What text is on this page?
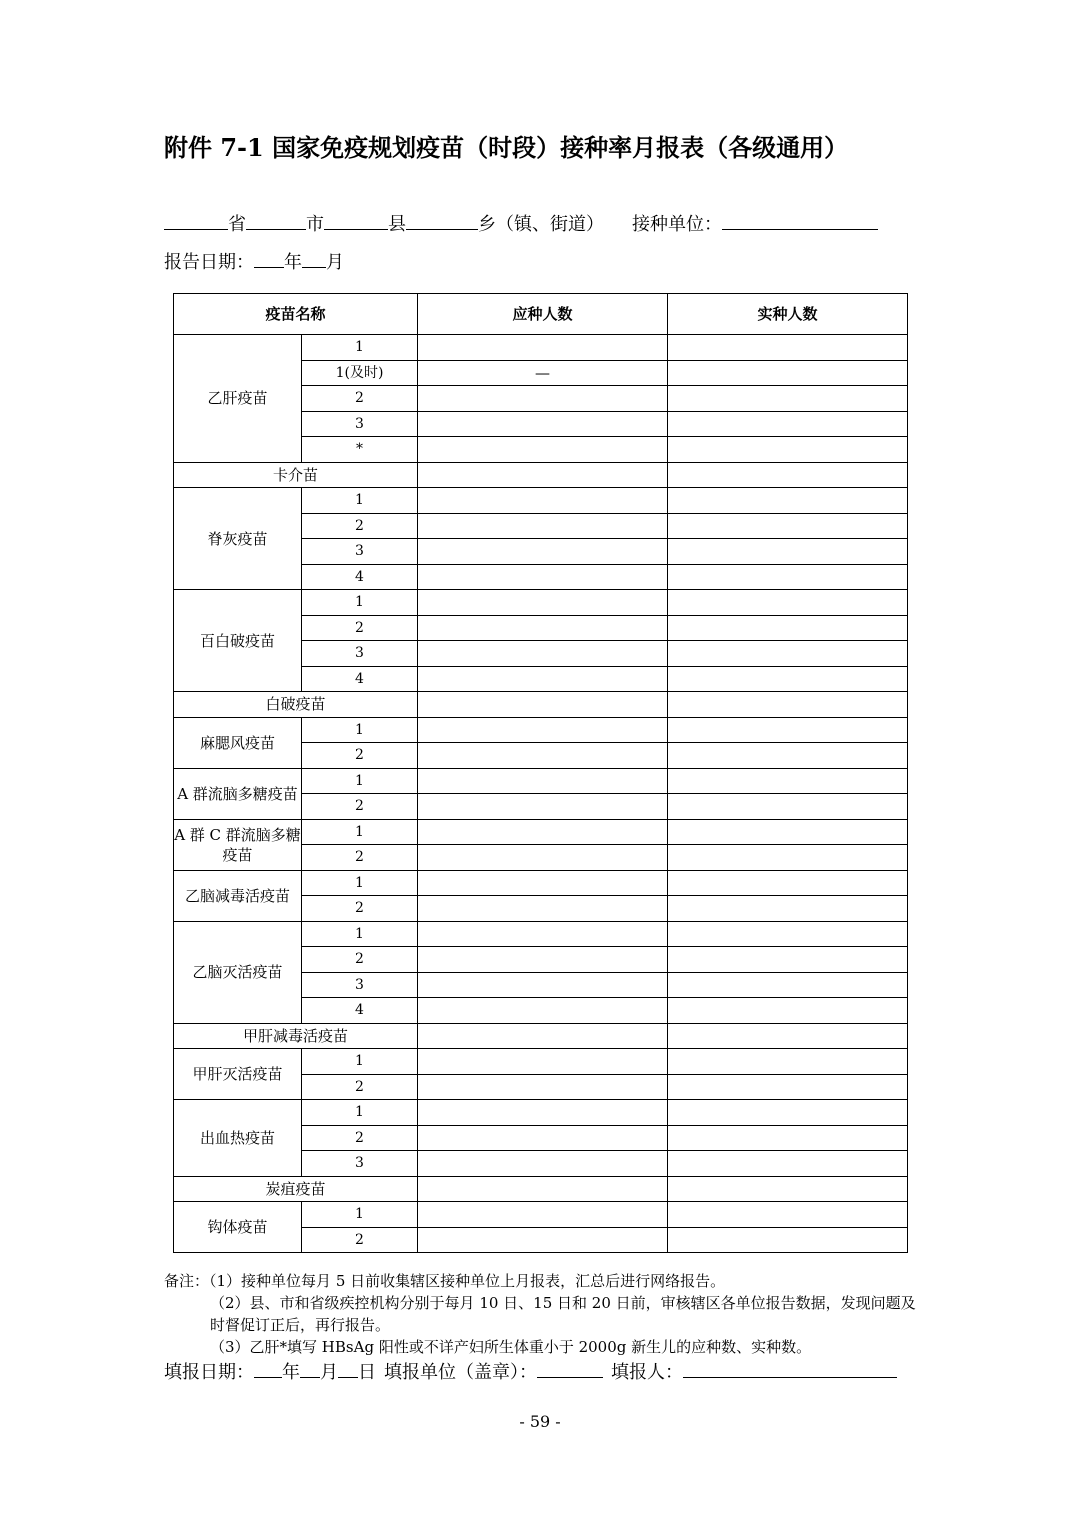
附件 7-1 国家免疫规划疫苗（时段）接种率月报表（各级通用）
省	市	县	乡（镇、街道） 接种单位：
报告日期： 年 月
疫苗名称		应种人数	实种人数
乙肝疫苗	1		
	1(及时)	—	
	2		
	3		
	*		
卡介苗			
脊灰疫苗	1		
	2		
	3		
	4		
百白破疫苗	1		
	2		
	3		
	4		
白破疫苗			
麻腮风疫苗	1		
	2		
A 群流脑多糖疫苗	1		
	2		
A 群 C 群流脑多糖疫苗	1		
	2		
乙脑减毒活疫苗	1		
	2		
乙脑灭活疫苗	1		
	2		
	3		
	4		
甲肝减毒活疫苗			
甲肝灭活疫苗	1		
	2		
出血热疫苗	1		
	2		
	3		
炭疽疫苗			
钩体疫苗	1		
	2		
备注：（1）接种单位每月 5 日前收集辖区接种单位上月报表，汇总后进行网络报告。
（2）县、市和省级疾控机构分别于每月 10 日、15 日和 20 日前，审核辖区各单位报告数据，发现问题及时督促订正后，再行报告。
（3）乙肝*填写 HBsAg 阳性或不详产妇所生体重小于 2000g 新生儿的应种数、实种数。
填报日期： 年 月 日 填报单位（盖章）：	填报人：
- 59 -
